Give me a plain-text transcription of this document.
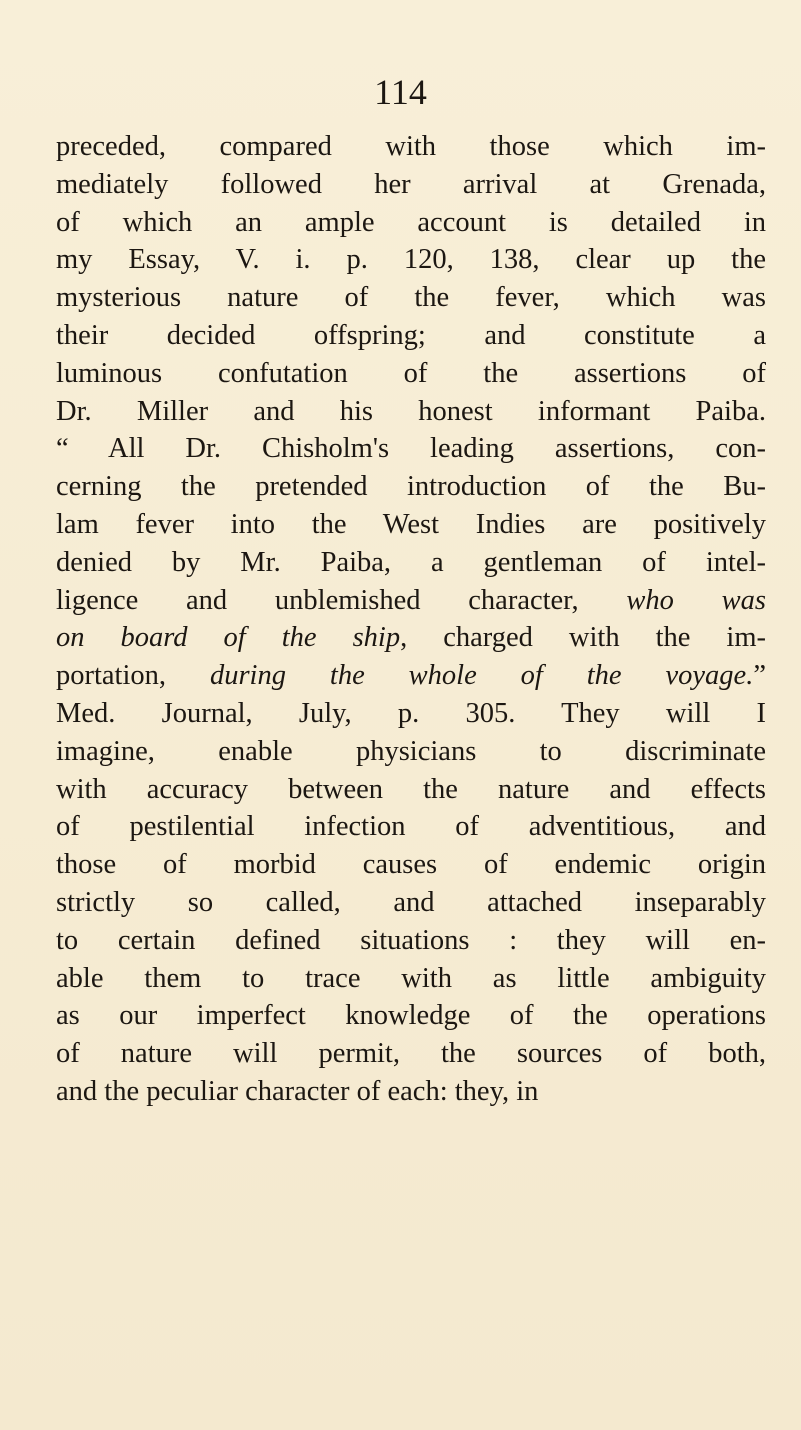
114
preceded, compared with those which im-
mediately followed her arrival at Grenada,
of which an ample account is detailed in
my Essay, V. i. p. 120, 138, clear up the
mysterious nature of the fever, which was
their decided offspring; and constitute a
luminous confutation of the assertions of
Dr. Miller and his honest informant Paiba.
“ All Dr. Chisholm's leading assertions, con-
cerning the pretended introduction of the Bu-
lam fever into the West Indies are positively
denied by Mr. Paiba, a gentleman of intel-
ligence and unblemished character, who was
on board of the ship, charged with the im-
portation, during the whole of the voyage.”
Med. Journal, July, p. 305. They will I
imagine, enable physicians to discriminate
with accuracy between the nature and effects
of pestilential infection of adventitious, and
those of morbid causes of endemic origin
strictly so called, and attached inseparably
to certain defined situations : they will en-
able them to trace with as little ambiguity
as our imperfect knowledge of the operations
of nature will permit, the sources of both,
and the peculiar character of each: they, in
